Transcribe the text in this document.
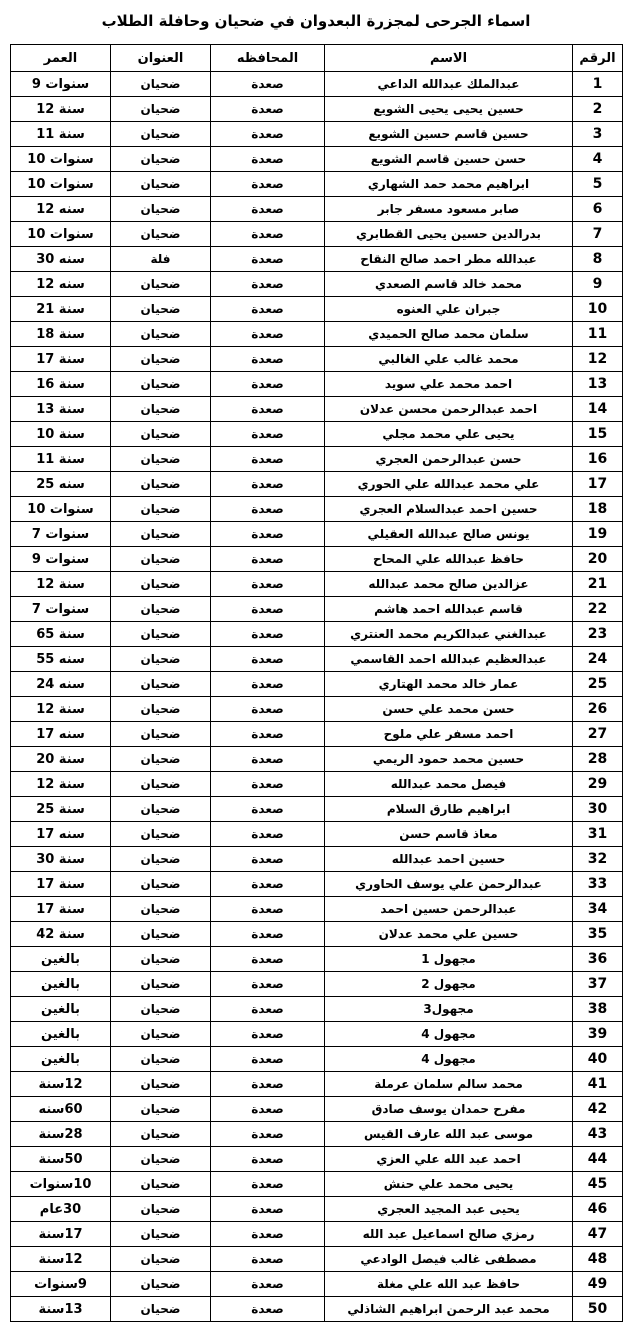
اسماء الجرحى لمجزرة البعدوان في ضحيان وحافلة الطلاب
الرقم	الاسم	المحافظه	العنوان	العمر
1	عبدالملك عبدالله الداعي	صعدة	ضحيان	سنوات 9
2	حسين يحيى يحيى الشويع	صعدة	ضحيان	سنة 12
3	حسين قاسم حسين الشويع	صعدة	ضحيان	سنة 11
4	حسن حسين قاسم الشويع	صعدة	ضحيان	سنوات 10
5	ابراهيم محمد حمد الشهاري	صعدة	ضحيان	سنوات 10
6	صابر مسعود مسفر جابر	صعدة	ضحيان	سنه 12
7	بدرالدين حسين يحيى القطابري	صعدة	ضحيان	سنوات 10
8	عبدالله مطر احمد صالح النقاح	صعدة	فلة	سنه 30
9	محمد خالد قاسم الصعدي	صعدة	ضحيان	سنه 12
10	جبران علي العنوه	صعدة	ضحيان	سنة 21
11	سلمان محمد صالح الحميدي	صعدة	ضحيان	سنة 18
12	محمد غالب علي الغالبي	صعدة	ضحيان	سنة 17
13	احمد محمد علي سويد	صعدة	ضحيان	سنة 16
14	احمد عبدالرحمن محسن عدلان	صعدة	ضحيان	سنة 13
15	يحيى علي محمد مجلي	صعدة	ضحيان	سنة 10
16	حسن عبدالرحمن العجري	صعدة	ضحيان	سنة 11
17	علي محمد عبدالله علي الحوري	صعدة	ضحيان	سنه 25
18	حسين احمد عبدالسلام العجري	صعدة	ضحيان	سنوات 10
19	يونس صالح عبدالله العقيلي	صعدة	ضحيان	سنوات 7
20	حافظ عبدالله علي المحاح	صعدة	ضحيان	سنوات 9
21	عزالدين صالح محمد عبدالله	صعدة	ضحيان	سنة 12
22	قاسم عبدالله احمد هاشم	صعدة	ضحيان	سنوات 7
23	عبدالغني عبدالكريم محمد العنتري	صعدة	ضحيان	سنة 65
24	عبدالعظيم عبدالله احمد القاسمي	صعدة	ضحيان	سنه 55
25	عمار خالد محمد الهتاري	صعدة	ضحيان	سنه 24
26	حسن محمد علي حسن	صعدة	ضحيان	سنة 12
27	احمد مسفر علي ملوح	صعدة	ضحيان	سنه 17
28	حسين محمد حمود الريمي	صعدة	ضحيان	سنة 20
29	فيصل محمد عبدالله	صعدة	ضحيان	سنة 12
30	ابراهيم طارق السلام	صعدة	ضحيان	سنة 25
31	معاذ قاسم حسن	صعدة	ضحيان	سنه 17
32	حسين احمد عبدالله	صعدة	ضحيان	سنة 30
33	عبدالرحمن علي يوسف الحاوري	صعدة	ضحيان	سنة 17
34	عبدالرحمن حسين احمد	صعدة	ضحيان	سنة 17
35	حسين علي محمد عدلان	صعدة	ضحيان	سنة 42
36	مجهول 1	صعدة	ضحيان	بالغين
37	مجهول 2	صعدة	ضحيان	بالغين
38	مجهول3	صعدة	ضحيان	بالغين
39	مجهول 4	صعدة	ضحيان	بالغين
40	مجهول 4	صعدة	ضحيان	بالغين
41	محمد سالم سلمان عرملة	صعدة	ضحيان	12سنة
42	مفرح حمدان يوسف صادق	صعدة	ضحيان	60سنه
43	موسى عبد الله عارف القيس	صعدة	ضحيان	28سنة
44	احمد عبد الله علي العزي	صعدة	ضحيان	50سنة
45	يحيى محمد علي حنش	صعدة	ضحيان	10سنوات
46	يحيى عبد المجيد العجري	صعدة	ضحيان	30عام
47	رمزي صالح اسماعيل عبد الله	صعدة	ضحيان	17سنة
48	مصطفى غالب فيصل الوادعي	صعدة	ضحيان	12سنة
49	حافظ عبد الله علي مغلة	صعدة	ضحيان	9سنوات
50	محمد عبد الرحمن ابراهيم الشاذلي	صعدة	ضحيان	13سنة
